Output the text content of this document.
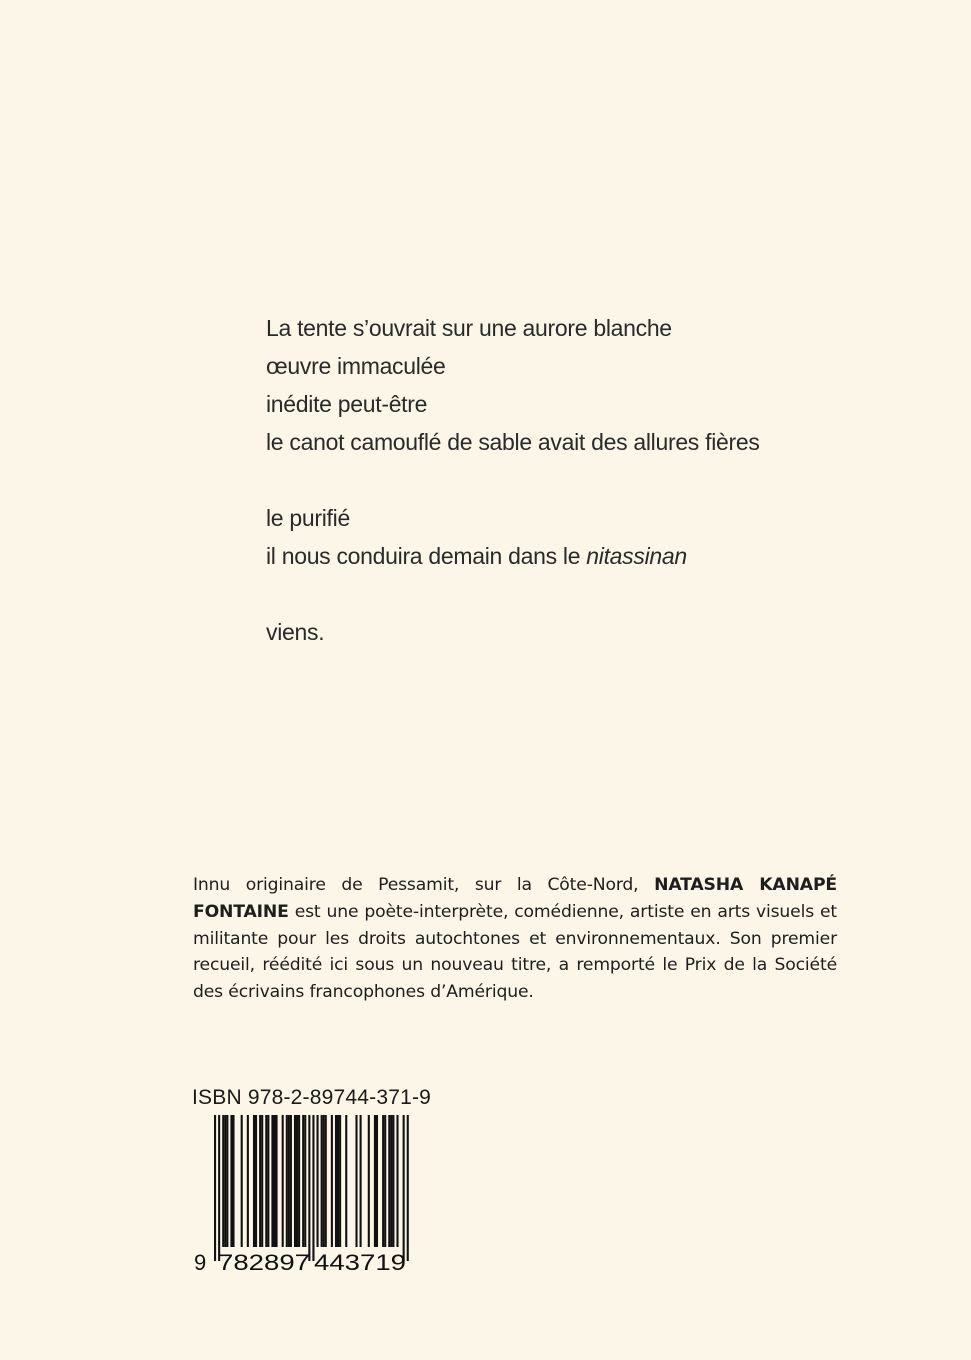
La tente s’ouvrait sur une aurore blanche
œuvre immaculée
inédite peut-être
le canot camouflé de sable avait des allures fières
le purifié
il nous conduira demain dans le nitassinan
viens.
Innu originaire de Pessamit, sur la Côte-Nord, NATASHA KANAPÉ FONTAINE est une poète-interprète, comédienne, artiste en arts visuels et militante pour les droits autochtones et environnementaux. Son premier recueil, réédité ici sous un nouveau titre, a remporté le Prix de la Société des écrivains francophones d’Amérique.
ISBN 978-2-89744-371-9
9 782897 443719
